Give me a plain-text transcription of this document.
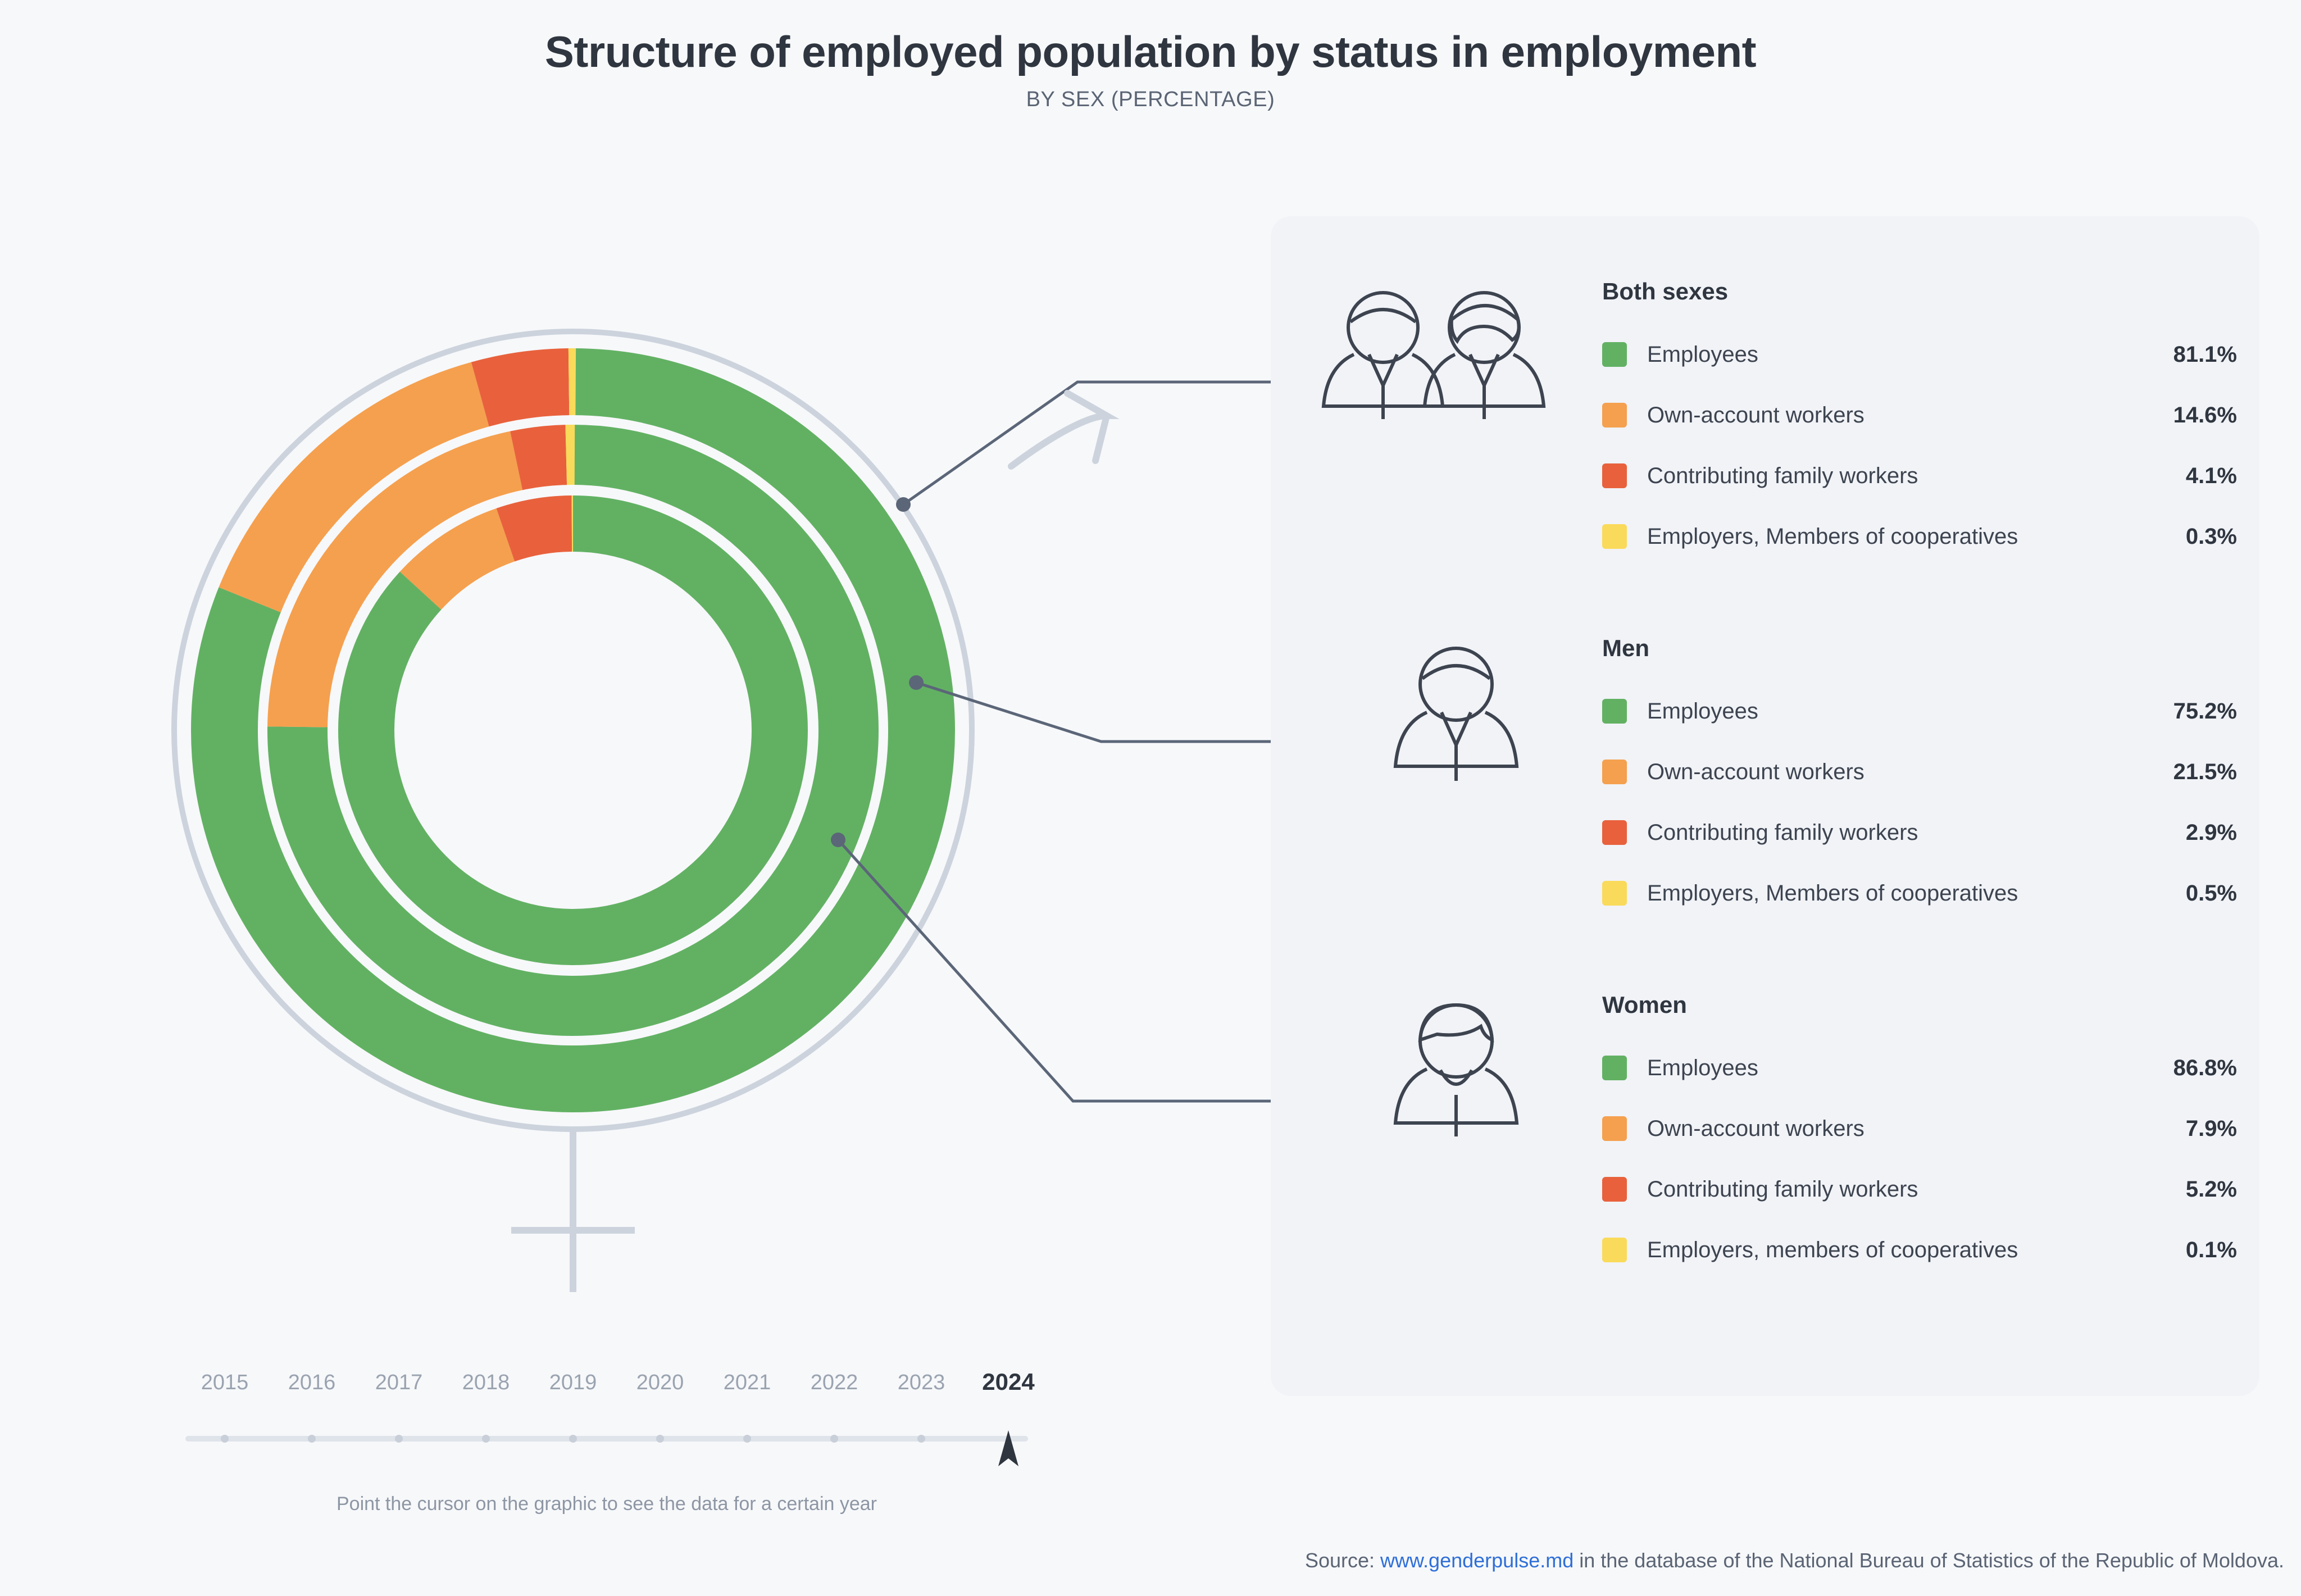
Structure of employed population by status in employment
BY SEX (PERCENTAGE)
Both sexes
Employees	81.1%
Own-account workers	14.6%
Contributing family workers	4.1%
Employers, Members of cooperatives	0.3%
Men
Employees	75.2%
Own-account workers	21.5%
Contributing family workers	2.9%
Employers, Members of cooperatives	0.5%
Women
Employees	86.8%
Own-account workers	7.9%
Contributing family workers	5.2%
Employers, members of cooperatives	0.1%
2015 2016 2017 2018 2019 2020 2021 2022 2023 2024
Point the cursor on the graphic to see the data for a certain year
Source: www.genderpulse.md in the database of the National Bureau of Statistics of the Republic of Moldova.
